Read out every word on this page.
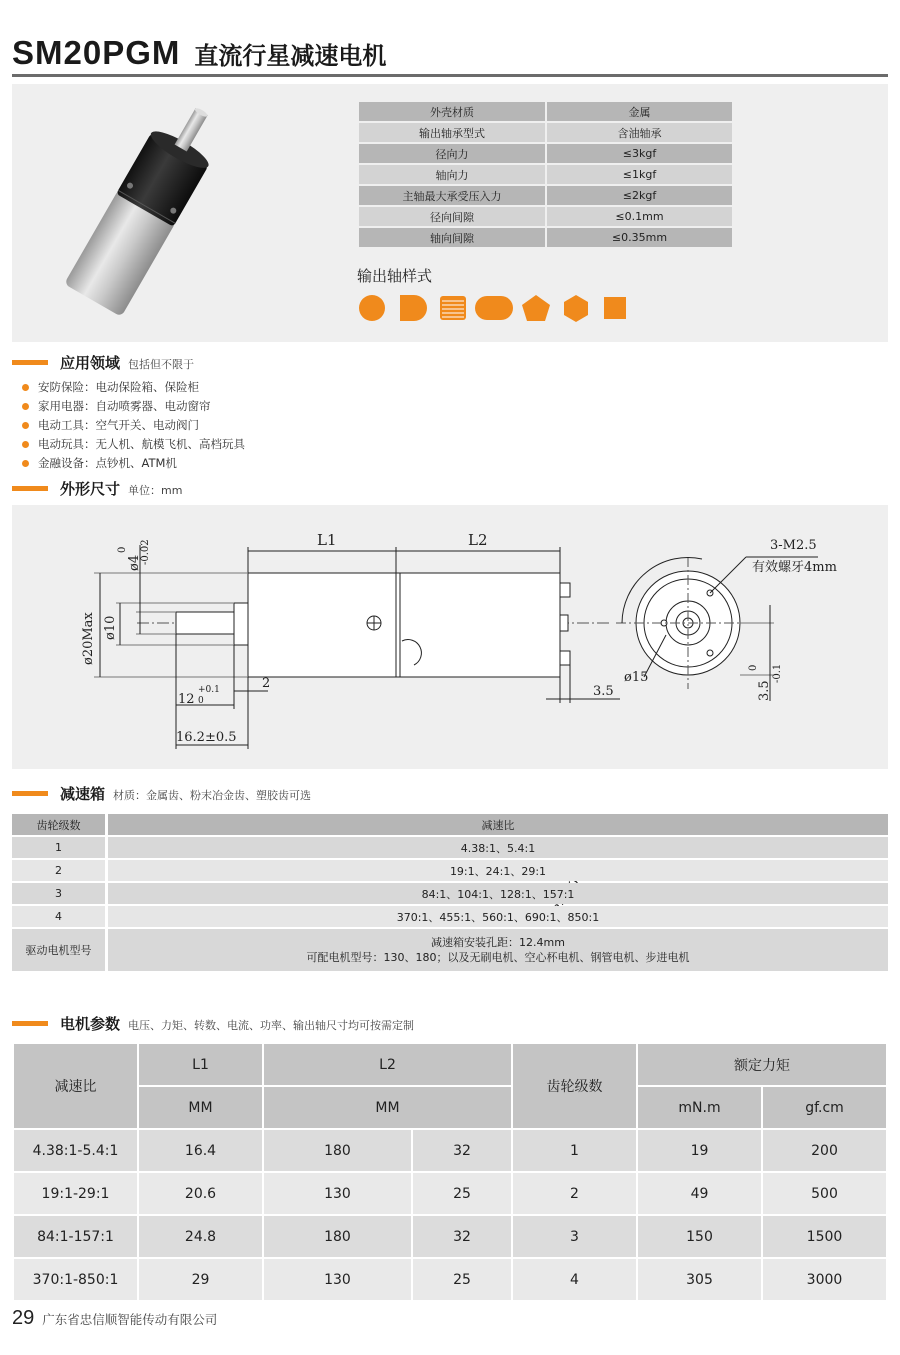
SM20PGM 直流行星减速电机
外壳材质	金属
输出轴承型式	含油轴承
径向力	≤3kgf
轴向力	≤1kgf
主轴最大承受压入力	≤2kgf
径向间隙	≤0.1mm
轴向间隙	≤0.35mm
输出轴样式
应用领域 包括但不限于
安防保险：电动保险箱、保险柜
家用电器：自动喷雾器、电动窗帘
电动工具：空气开关、电动阀门
电动玩具：无人机、航模飞机、高档玩具
金融设备：点钞机、ATM机
外形尺寸 单位：mm
L1	L2
ø20Max ø10
ø4
0 -0.02
12
+0.1
0
2
16.2±0.5
3.5
3-M2.5
有效螺牙4mm
ø15
3.5
0 -0.1
减速箱 材质：金属齿、粉末冶金齿、塑胶齿可选
齿轮级数	减速比
1	4.38:1、5.4:1
2	19:1、24:1、29:1
3	84:1、104:1、128:1、157:1
4	370:1、455:1、560:1、690:1、850:1
驱动电机型号	减速箱安装孔距：12.4mm
可配电机型号：130、180；以及无刷电机、空心杯电机、钢管电机、步进电机
电机参数 电压、力矩、转数、电流、功率、输出轴尺寸均可按需定制
减速比	L1	L2		齿轮级数	额定力矩	
	MM	MM			mN.m	gf.cm
4.38:1-5.4:1	16.4	180	32	1	19	200
19:1-29:1	20.6	130	25	2	49	500
84:1-157:1	24.8	180	32	3	150	1500
370:1-850:1	29	130	25	4	305	3000
29 广东省忠信顺智能传动有限公司
